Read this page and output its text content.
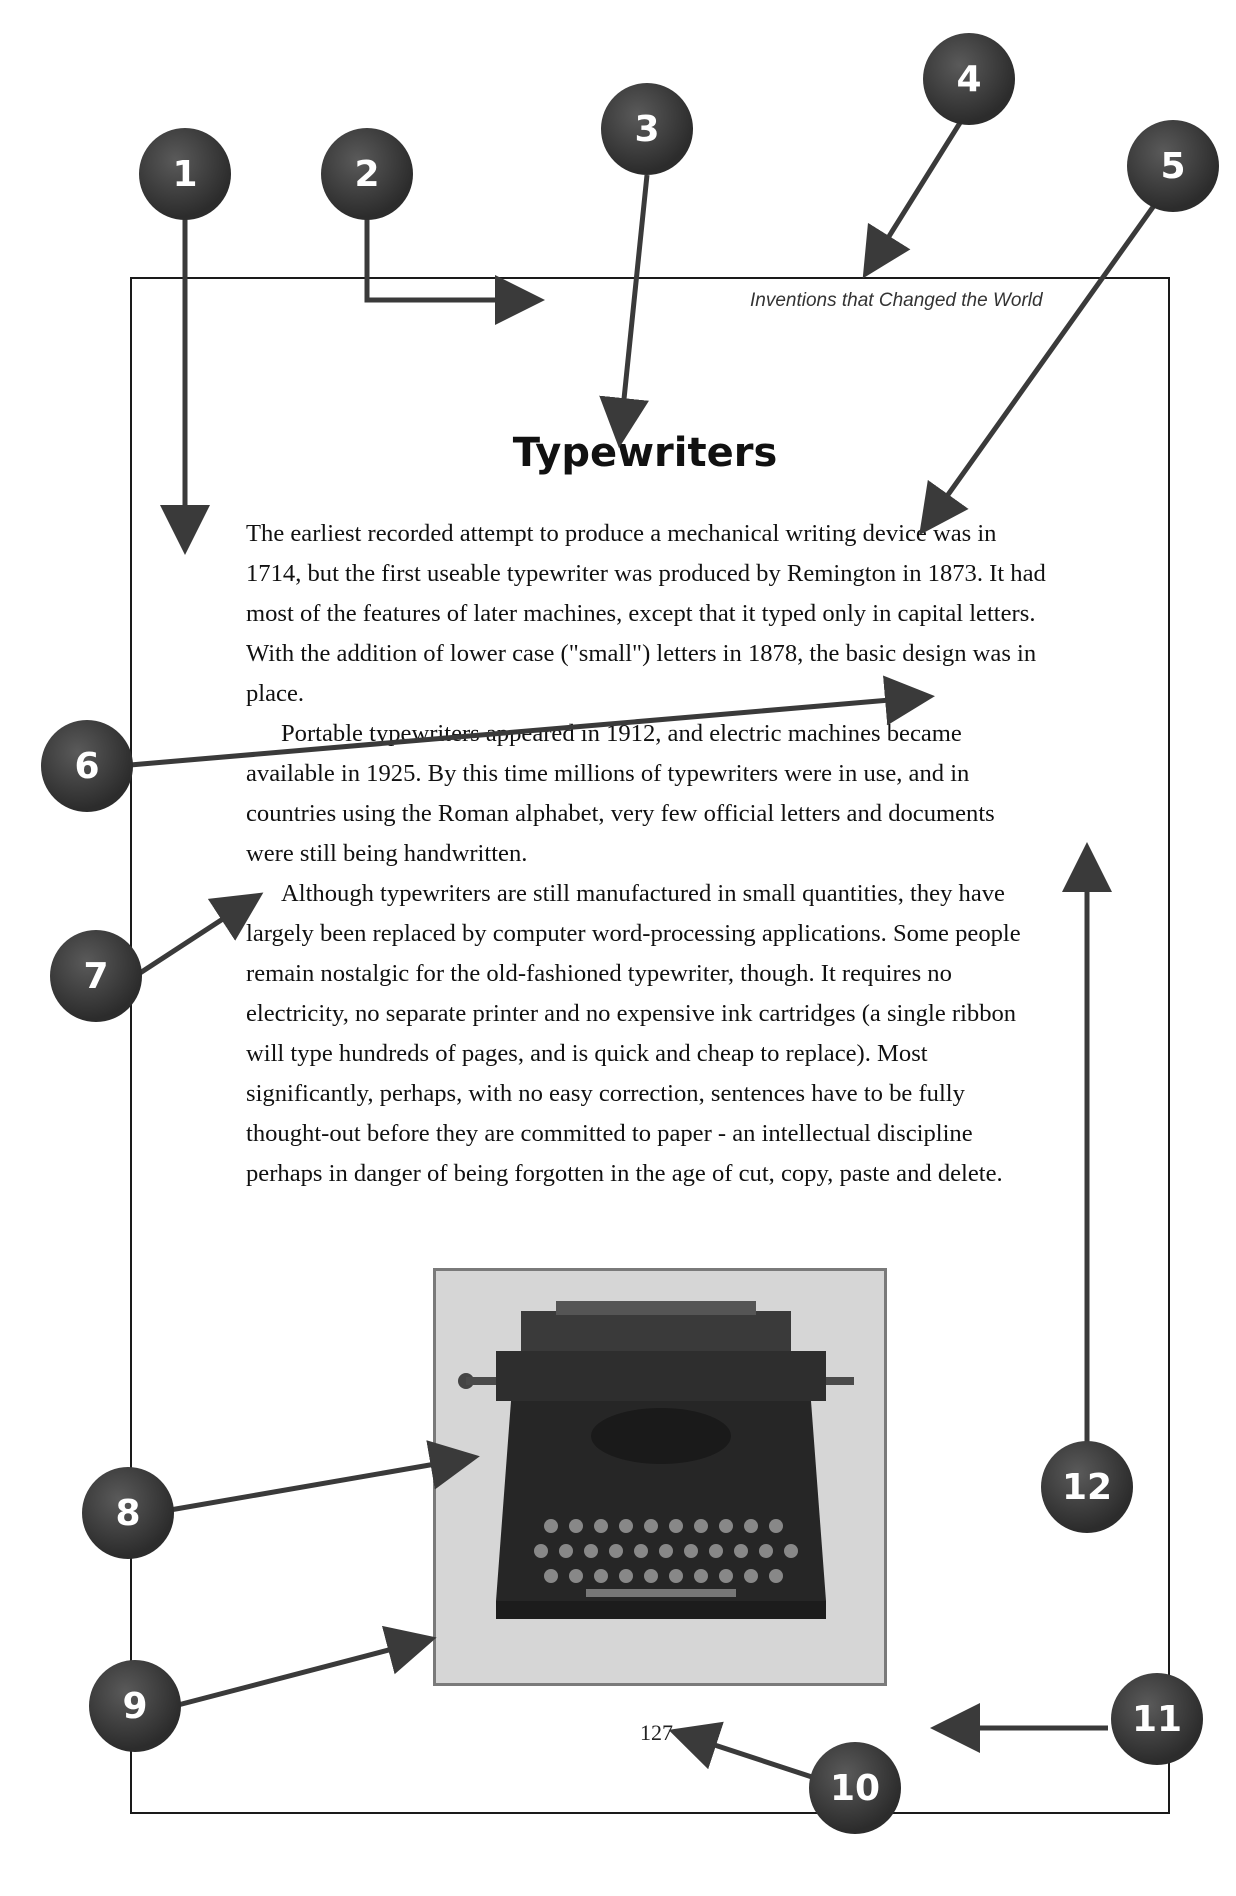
Inventions that Changed the World
Typewriters

The earliest recorded attempt to produce a mechanical writing device was in 1714, but the first useable typewriter was produced by Remington in 1873. It had most of the features of later machines, except that it typed only in capital letters. With the addition of lower case ("small") letters in 1878, the basic design was in place.

Portable typewriters appeared in 1912, and electric machines became available in 1925. By this time millions of typewriters were in use, and in countries using the Roman alphabet, very few official letters and documents were still being handwritten.

Although typewriters are still manufactured in small quantities, they have largely been replaced by computer word-processing applications. Some people remain nostalgic for the old-fashioned typewriter, though. It requires no electricity, no separate printer and no expensive ink cartridges (a single ribbon will type hundreds of pages, and is quick and cheap to replace). Most significantly, perhaps, with no easy correction, sentences have to be fully thought-out before they are committed to paper - an intellectual discipline perhaps in danger of being forgotten in the age of cut, copy, paste and delete.

127
1	2
3
4
5
6
7
8
9
10
11
12
